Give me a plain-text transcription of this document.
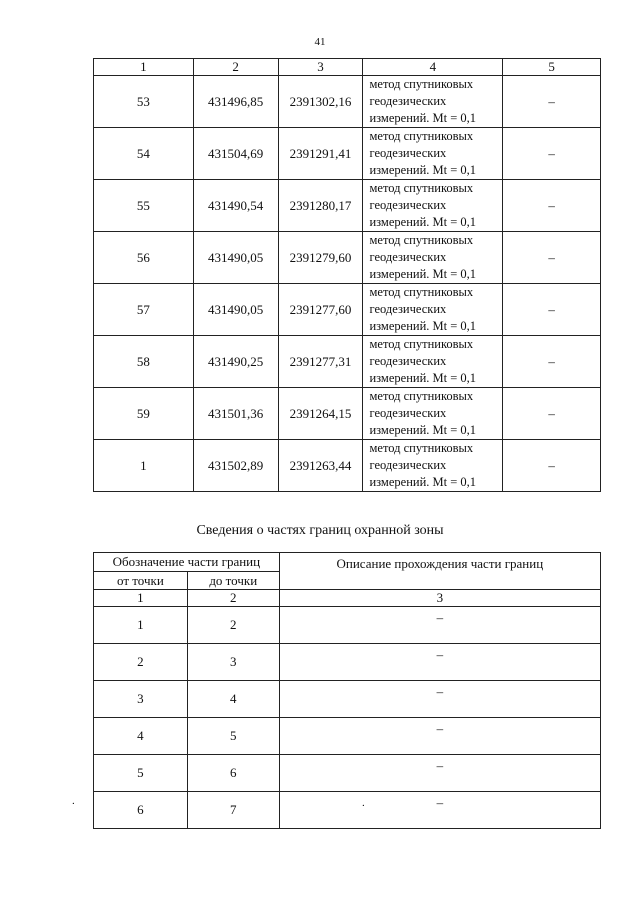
41
1	2	3	4	5
53	431496,85	2391302,16	метод спутниковых
геодезических
измерений. Mt = 0,1	–
54	431504,69	2391291,41	метод спутниковых
геодезических
измерений. Mt = 0,1	–
55	431490,54	2391280,17	метод спутниковых
геодезических
измерений. Mt = 0,1	–
56	431490,05	2391279,60	метод спутниковых
геодезических
измерений. Mt = 0,1	–
57	431490,05	2391277,60	метод спутниковых
геодезических
измерений. Mt = 0,1	–
58	431490,25	2391277,31	метод спутниковых
геодезических
измерений. Mt = 0,1	–
59	431501,36	2391264,15	метод спутниковых
геодезических
измерений. Mt = 0,1	–
1	431502,89	2391263,44	метод спутниковых
геодезических
измерений. Mt = 0,1	–
Сведения о частях границ охранной зоны
Обозначение части границ		Описание прохождения части границ
от точки	до точки	
1	2	3
1	2	–
2	3	–
3	4	–
4	5	–
5	6	–
6	7	–
.	.
